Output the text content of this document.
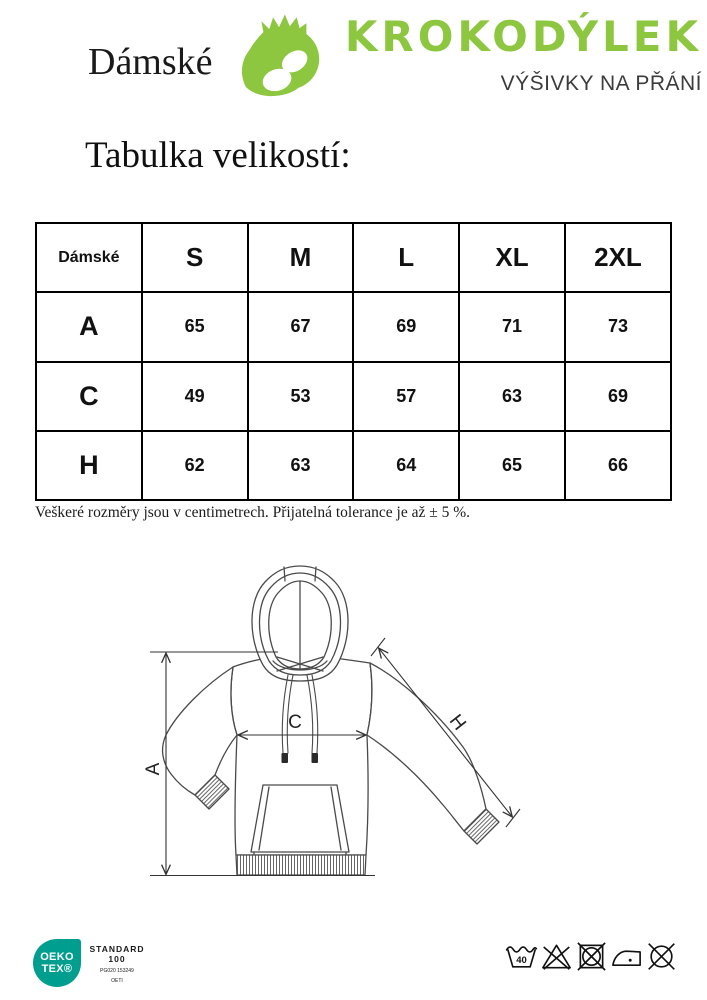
Dámské
KROKODÝLEK
VÝŠIVKY NA PŘÁNÍ
Tabulka velikostí:
Dámské	S	M	L	XL	2XL
A	65	67	69	71	73
C	49	53	57	63	69
H	62	63	64	65	66
Veškeré rozměry jsou v centimetrech. Přijatelná tolerance je až ± 5 %.
A
C	H
OEKO
TEX®
STANDARD
100
PG020 153249
OETI
40
